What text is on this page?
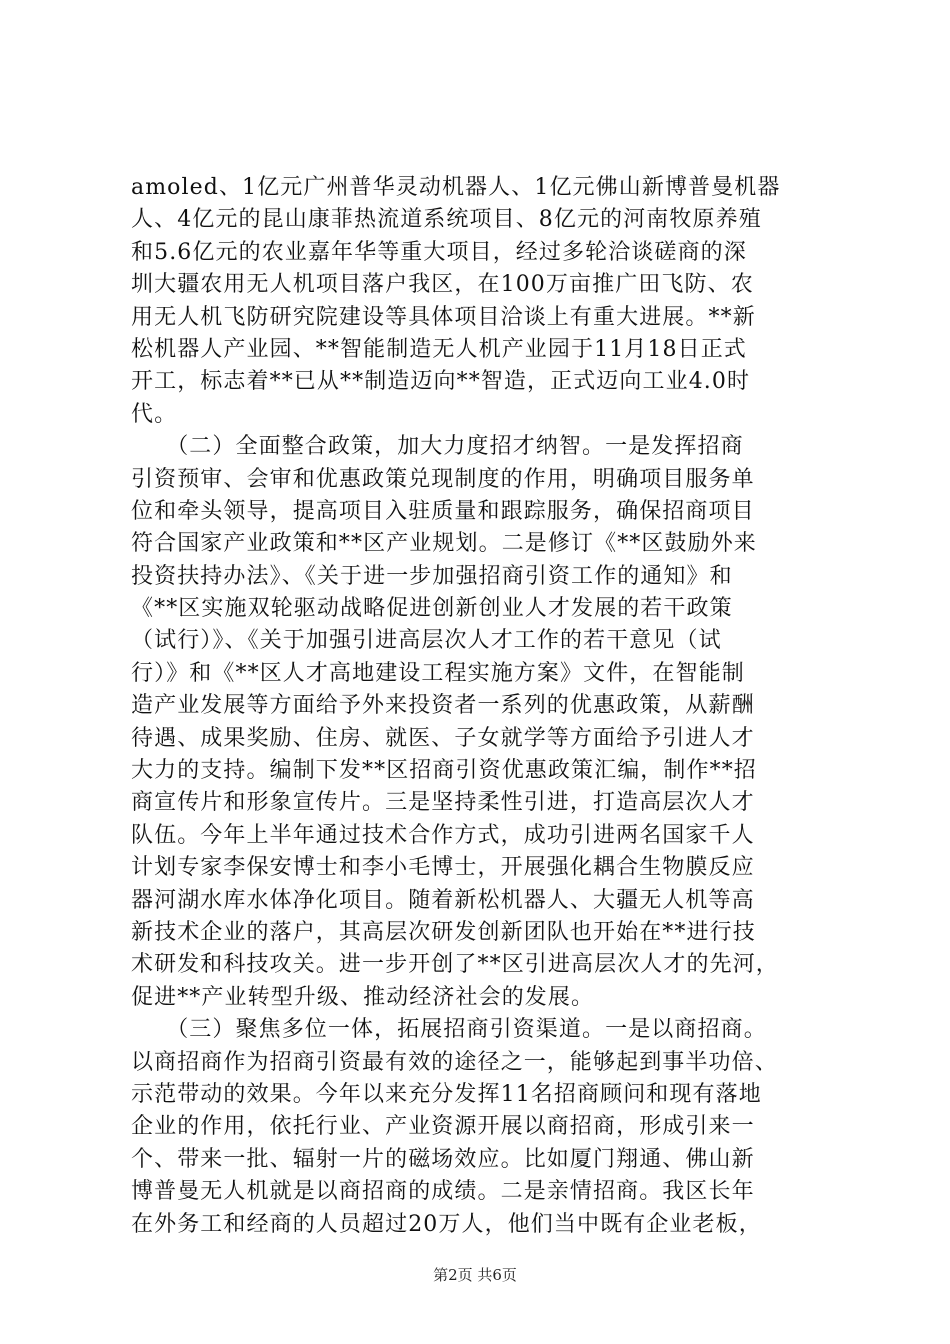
amoled、1亿元广州普华灵动机器人、1亿元佛山新博普曼机器
人、4亿元的昆山康菲热流道系统项目、8亿元的河南牧原养殖
和5.6亿元的农业嘉年华等重大项目，经过多轮洽谈磋商的深
圳大疆农用无人机项目落户我区，在100万亩推广田飞防、农
用无人机飞防研究院建设等具体项目洽谈上有重大进展。**新
松机器人产业园、**智能制造无人机产业园于11月18日正式
开工，标志着**已从**制造迈向**智造，正式迈向工业4.0时
代。
　　（二）全面整合政策，加大力度招才纳智。一是发挥招商
引资预审、会审和优惠政策兑现制度的作用，明确项目服务单
位和牵头领导，提高项目入驻质量和跟踪服务，确保招商项目
符合国家产业政策和**区产业规划。二是修订《**区鼓励外来
投资扶持办法》、《关于进一步加强招商引资工作的通知》和
《**区实施双轮驱动战略促进创新创业人才发展的若干政策
（试行）》、《关于加强引进高层次人才工作的若干意见（试
行）》和《**区人才高地建设工程实施方案》文件，在智能制
造产业发展等方面给予外来投资者一系列的优惠政策，从薪酬
待遇、成果奖励、住房、就医、子女就学等方面给予引进人才
大力的支持。编制下发**区招商引资优惠政策汇编，制作**招
商宣传片和形象宣传片。三是坚持柔性引进，打造高层次人才
队伍。今年上半年通过技术合作方式，成功引进两名国家千人
计划专家李保安博士和李小毛博士，开展强化耦合生物膜反应
器河湖水库水体净化项目。随着新松机器人、大疆无人机等高
新技术企业的落户，其高层次研发创新团队也开始在**进行技
术研发和科技攻关。进一步开创了**区引进高层次人才的先河，
促进**产业转型升级、推动经济社会的发展。
　　（三）聚焦多位一体，拓展招商引资渠道。一是以商招商。
以商招商作为招商引资最有效的途径之一，能够起到事半功倍、
示范带动的效果。今年以来充分发挥11名招商顾问和现有落地
企业的作用，依托行业、产业资源开展以商招商，形成引来一
个、带来一批、辐射一片的磁场效应。比如厦门翔通、佛山新
博普曼无人机就是以商招商的成绩。二是亲情招商。我区长年
在外务工和经商的人员超过20万人，他们当中既有企业老板，
第2页 共6页
